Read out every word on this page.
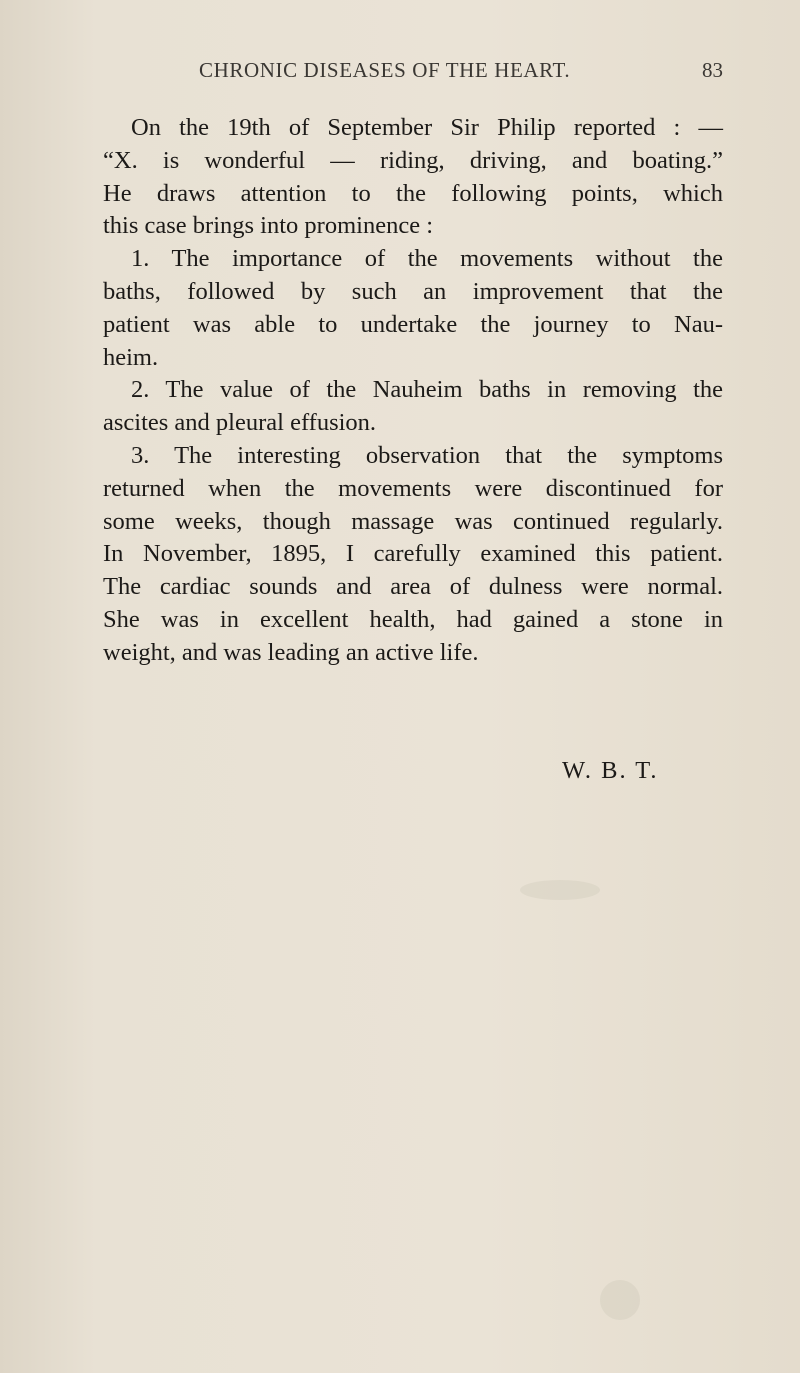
CHRONIC DISEASES OF THE HEART.	83
On the 19th of September Sir Philip reported : —
“X. is wonderful — riding, driving, and boating.”
He draws attention to the following points, which
this case brings into prominence :
1. The importance of the movements without the
baths, followed by such an improvement that the
patient was able to undertake the journey to Nau-
heim.
2. The value of the Nauheim baths in removing the
ascites and pleural effusion.
3. The interesting observation that the symptoms
returned when the movements were discontinued for
some weeks, though massage was continued regularly.
In November, 1895, I carefully examined this patient.
The cardiac sounds and area of dulness were normal.
She was in excellent health, had gained a stone in
weight, and was leading an active life.
W. B. T.
